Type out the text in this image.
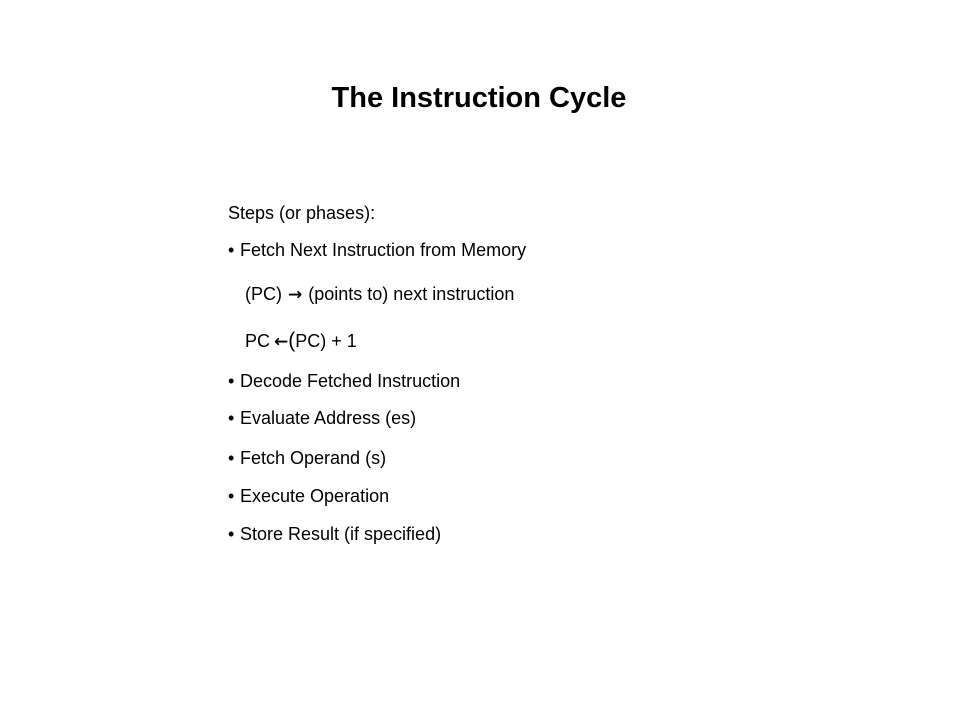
The Instruction Cycle
Steps (or phases):
• Fetch Next Instruction from Memory
(PC) → (points to) next instruction
PC ←(PC) + 1
• Decode Fetched Instruction
• Evaluate Address (es)
• Fetch Operand (s)
• Execute Operation
• Store Result (if specified)
